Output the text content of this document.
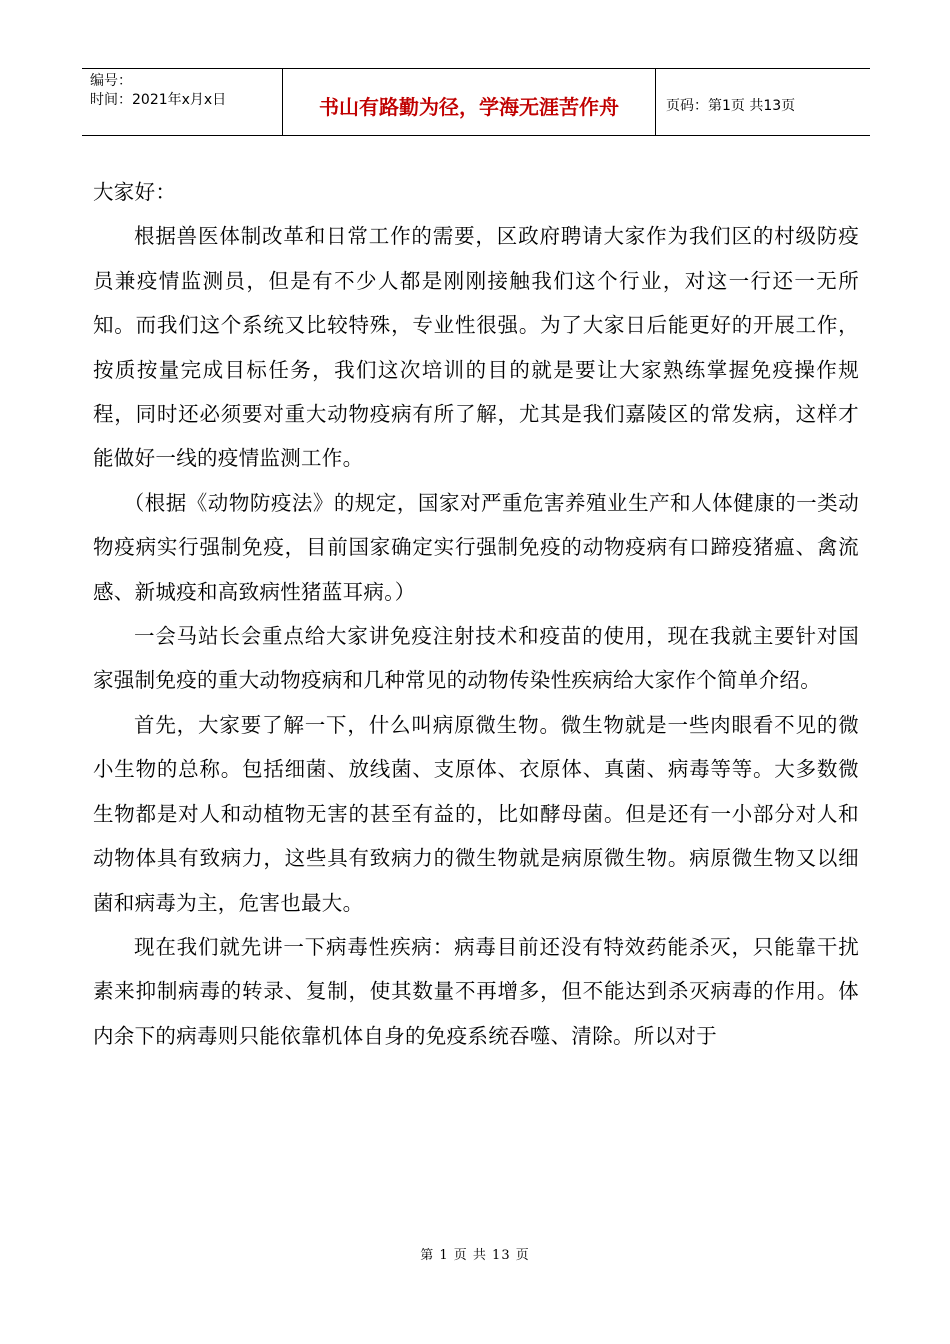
编号：
时间：2021年x月x日	书山有路勤为径，学海无涯苦作舟	页码：第1页 共13页

大家好：

根据兽医体制改革和日常工作的需要，区政府聘请大家作为我们区的村级防疫员兼疫情监测员，但是有不少人都是刚刚接触我们这个行业，对这一行还一无所知。而我们这个系统又比较特殊，专业性很强。为了大家日后能更好的开展工作，按质按量完成目标任务，我们这次培训的目的就是要让大家熟练掌握免疫操作规程，同时还必须要对重大动物疫病有所了解，尤其是我们嘉陵区的常发病，这样才能做好一线的疫情监测工作。

（根据《动物防疫法》的规定，国家对严重危害养殖业生产和人体健康的一类动物疫病实行强制免疫，目前国家确定实行强制免疫的动物疫病有口蹄疫猪瘟、禽流感、新城疫和高致病性猪蓝耳病。）

一会马站长会重点给大家讲免疫注射技术和疫苗的使用，现在我就主要针对国家强制免疫的重大动物疫病和几种常见的动物传染性疾病给大家作个简单介绍。

首先，大家要了解一下，什么叫病原微生物。微生物就是一些肉眼看不见的微小生物的总称。包括细菌、放线菌、支原体、衣原体、真菌、病毒等等。大多数微生物都是对人和动植物无害的甚至有益的，比如酵母菌。但是还有一小部分对人和动物体具有致病力，这些具有致病力的微生物就是病原微生物。病原微生物又以细菌和病毒为主，危害也最大。

现在我们就先讲一下病毒性疾病：病毒目前还没有特效药能杀灭，只能靠干扰素来抑制病毒的转录、复制，使其数量不再增多，但不能达到杀灭病毒的作用。体内余下的病毒则只能依靠机体自身的免疫系统吞噬、清除。所以对于

第 1 页 共 13 页
